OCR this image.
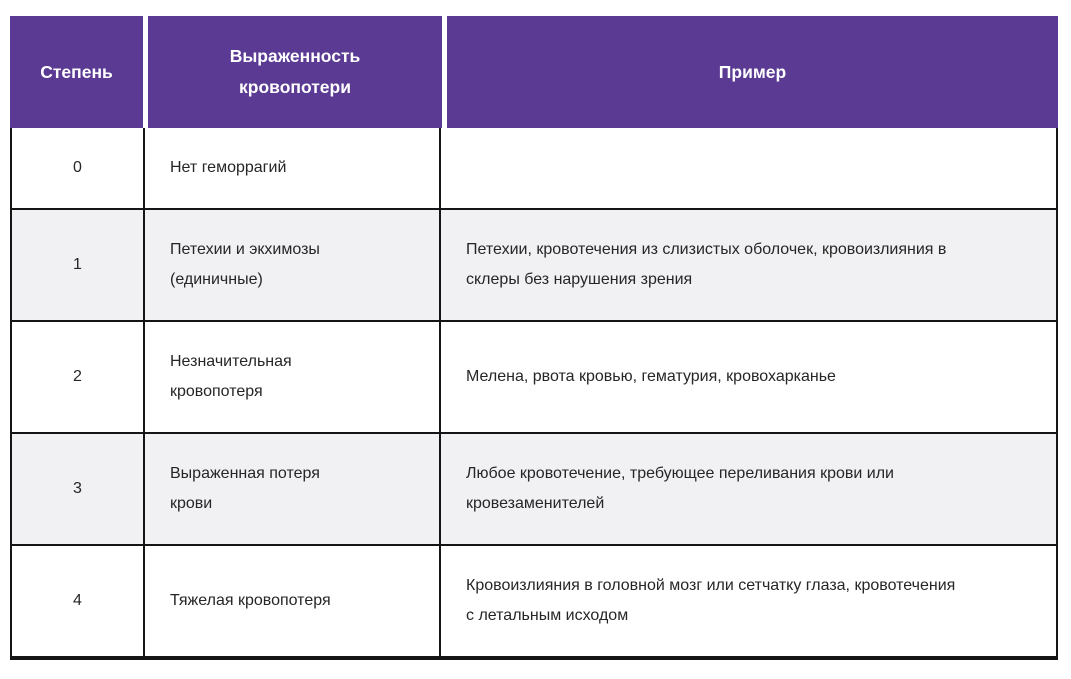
Степень
Выраженность кровопотери
Пример
0	Нет геморрагий
1
Петехии и экхимозы (единичные)
Петехии, кровотечения из слизистых оболочек, кровоизлияния в склеры без нарушения зрения
2
Незначительная кровопотеря
Мелена, рвота кровью, гематурия, кровохарканье
3
Выраженная потеря крови
Любое кровотечение, требующее переливания крови или кровезаменителей
4	Тяжелая кровопотеря
Кровоизлияния в головной мозг или сетчатку глаза, кровотечения с летальным исходом
